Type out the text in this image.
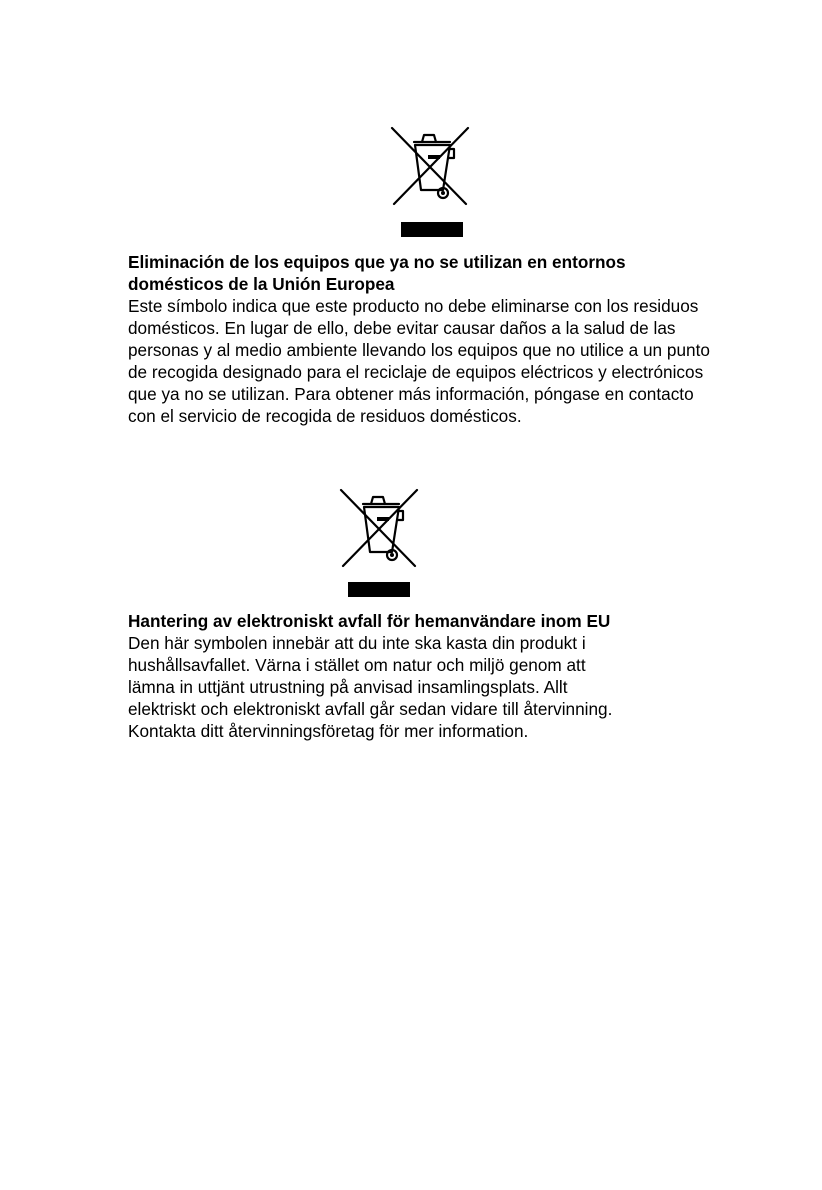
Eliminación de los equipos que ya no se utilizan en entornos
domésticos de la Unión Europea

Este símbolo indica que este producto no debe eliminarse con los residuos
domésticos. En lugar de ello, debe evitar causar daños a la salud de las
personas y al medio ambiente llevando los equipos que no utilice a un punto
de recogida designado para el reciclaje de equipos eléctricos y electrónicos
que ya no se utilizan. Para obtener más información, póngase en contacto
con el servicio de recogida de residuos domésticos.

Hantering av elektroniskt avfall för hemanvändare inom EU

Den här symbolen innebär att du inte ska kasta din produkt i
hushållsavfallet. Värna i stället om natur och miljö genom att
lämna in uttjänt utrustning på anvisad insamlingsplats. Allt
elektriskt och elektroniskt avfall går sedan vidare till återvinning.
Kontakta ditt återvinningsföretag för mer information.
